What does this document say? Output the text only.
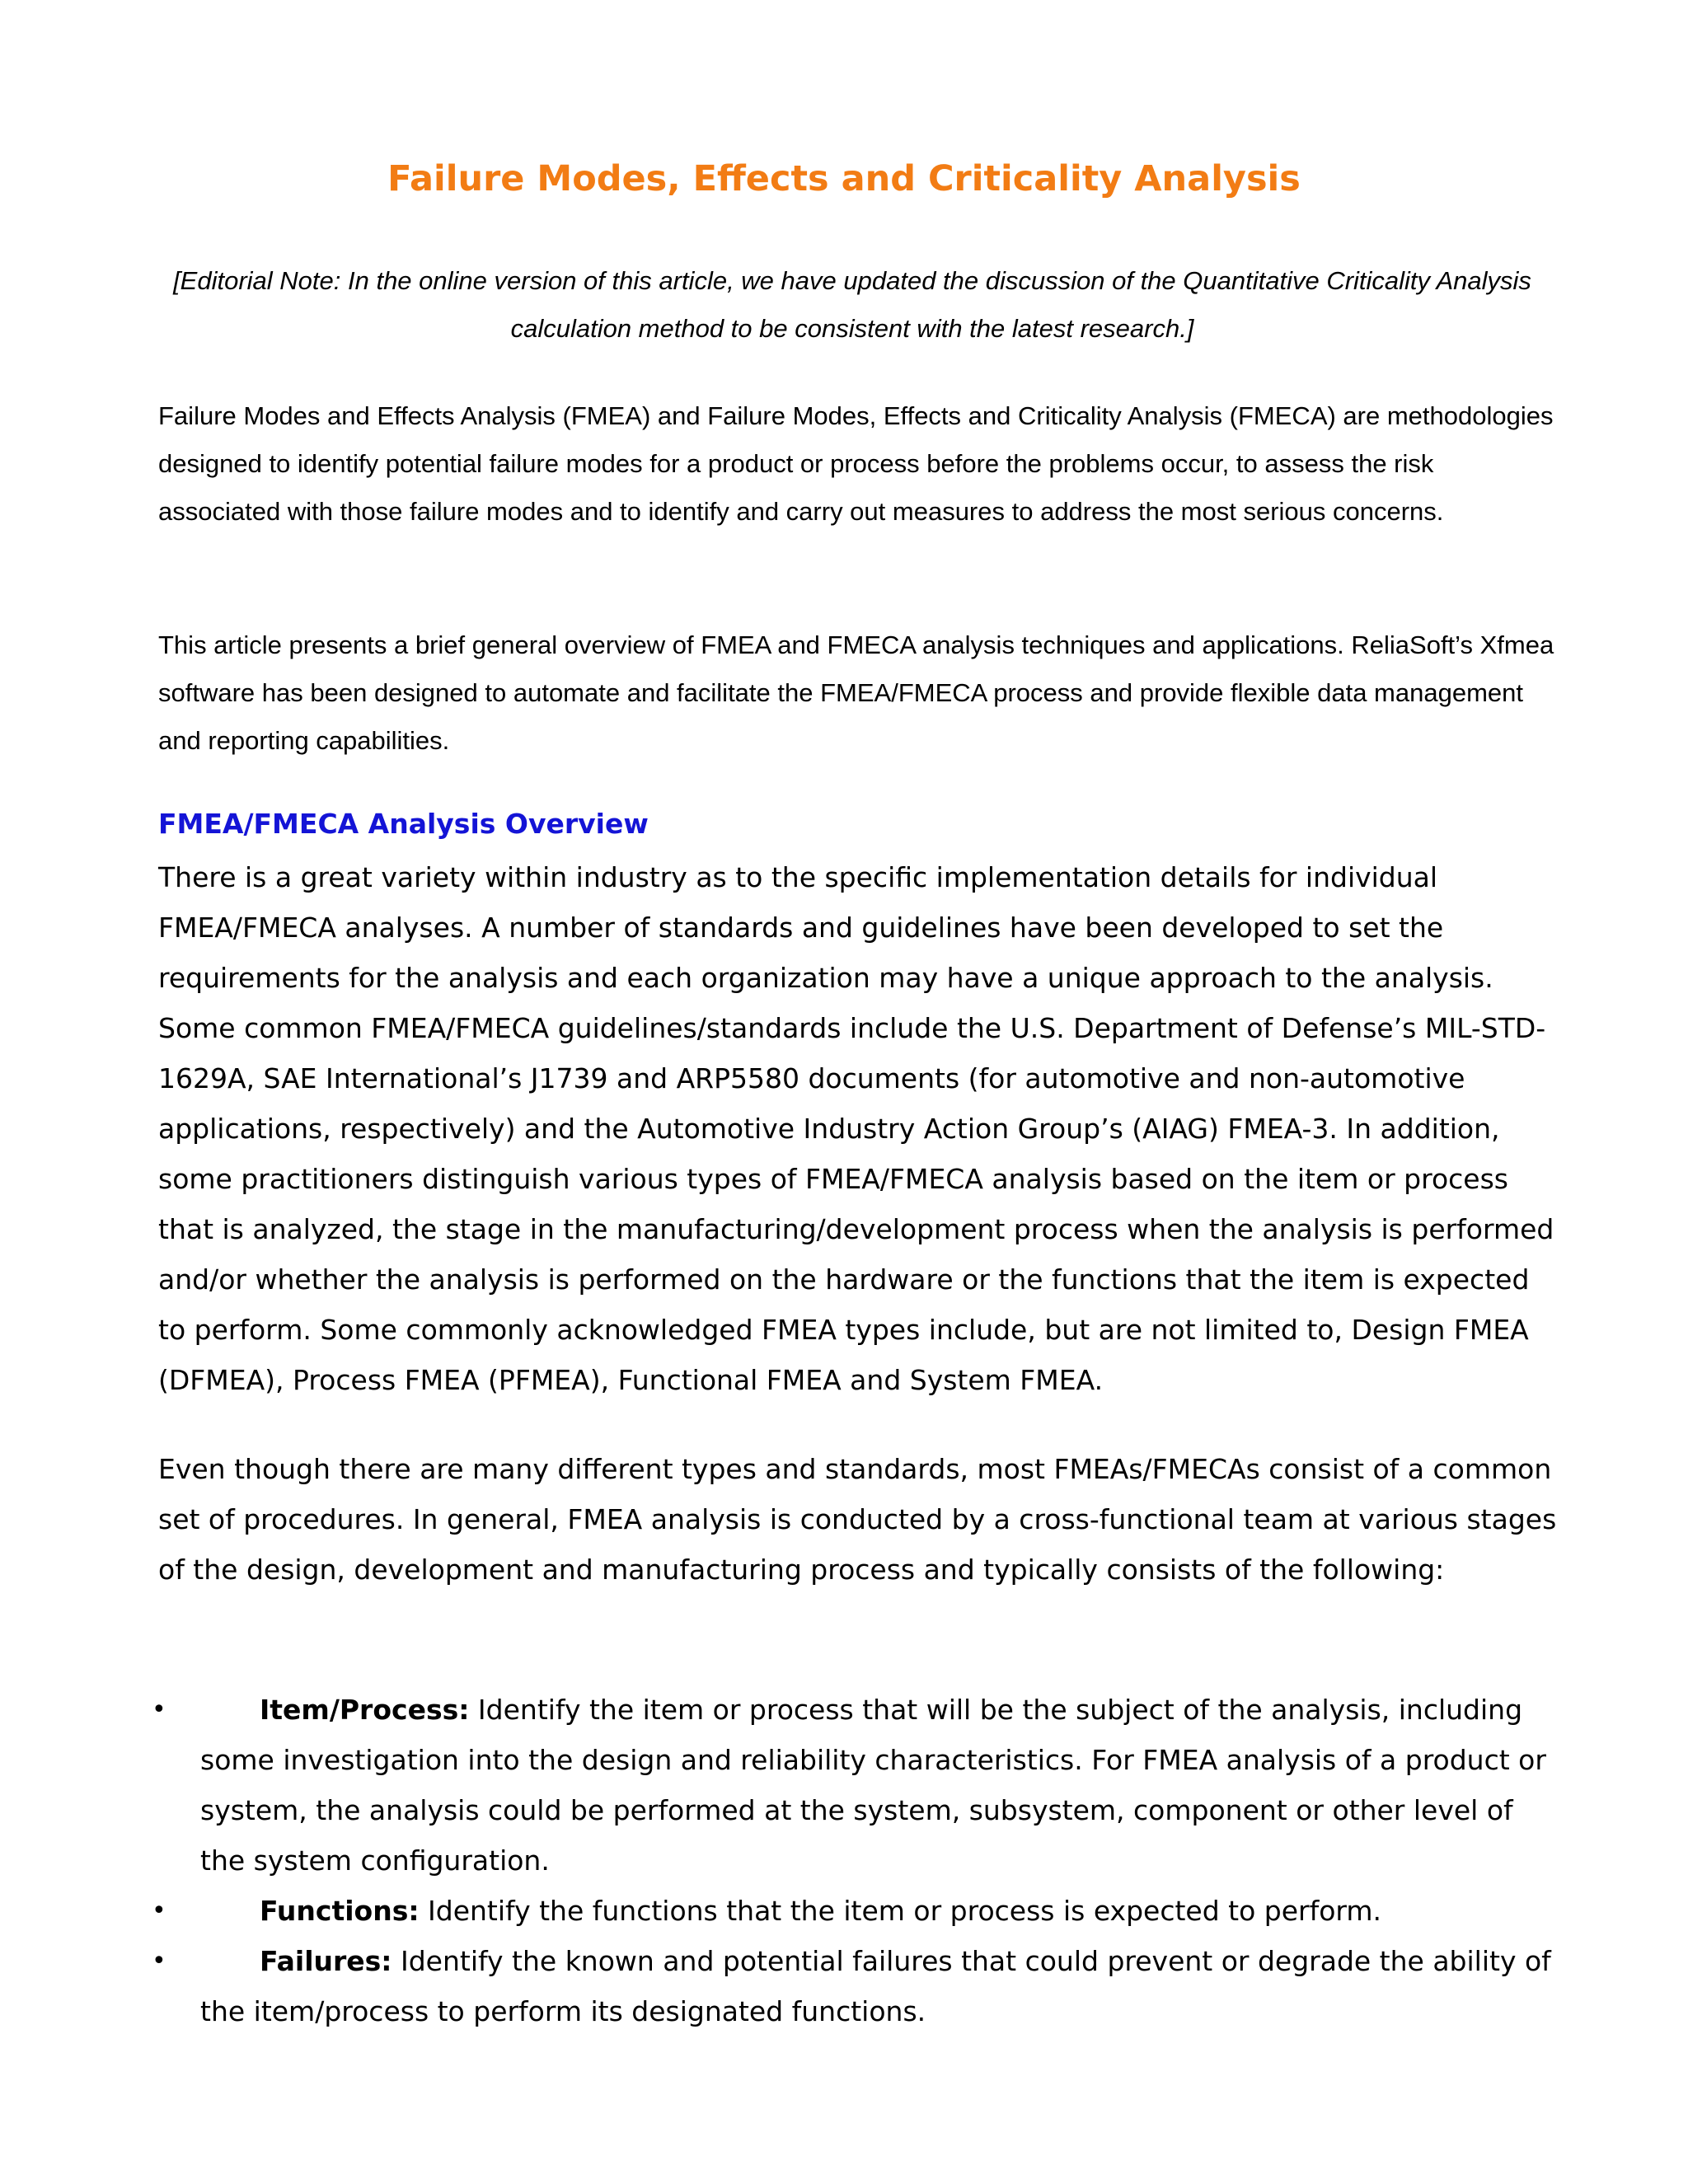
Failure Modes, Effects and Criticality Analysis

[Editorial Note: In the online version of this article, we have updated the discussion of the Quantitative Criticality Analysis calculation method to be consistent with the latest research.]

Failure Modes and Effects Analysis (FMEA) and Failure Modes, Effects and Criticality Analysis (FMECA) are methodologies designed to identify potential failure modes for a product or process before the problems occur, to assess the risk associated with those failure modes and to identify and carry out measures to address the most serious concerns.

This article presents a brief general overview of FMEA and FMECA analysis techniques and applications. ReliaSoft’s Xfmea software has been designed to automate and facilitate the FMEA/FMECA process and provide flexible data management and reporting capabilities.

FMEA/FMECA Analysis Overview

There is a great variety within industry as to the specific implementation details for individual FMEA/FMECA analyses. A number of standards and guidelines have been developed to set the requirements for the analysis and each organization may have a unique approach to the analysis. Some common FMEA/FMECA guidelines/standards include the U.S. Department of Defense’s MIL-STD-1629A, SAE International’s J1739 and ARP5580 documents (for automotive and non-automotive applications, respectively) and the Automotive Industry Action Group’s (AIAG) FMEA-3. In addition, some practitioners distinguish various types of FMEA/FMECA analysis based on the item or process that is analyzed, the stage in the manufacturing/development process when the analysis is performed and/or whether the analysis is performed on the hardware or the functions that the item is expected to perform. Some commonly acknowledged FMEA types include, but are not limited to, Design FMEA (DFMEA), Process FMEA (PFMEA), Functional FMEA and System FMEA.

Even though there are many different types and standards, most FMEAs/FMECAs consist of a common set of procedures. In general, FMEA analysis is conducted by a cross-functional team at various stages of the design, development and manufacturing process and typically consists of the following:

•	Item/Process: Identify the item or process that will be the subject of the analysis, including some investigation into the design and reliability characteristics. For FMEA analysis of a product or system, the analysis could be performed at the system, subsystem, component or other level of the system configuration.
•	Functions: Identify the functions that the item or process is expected to perform.
•	Failures: Identify the known and potential failures that could prevent or degrade the ability of the item/process to perform its designated functions.
